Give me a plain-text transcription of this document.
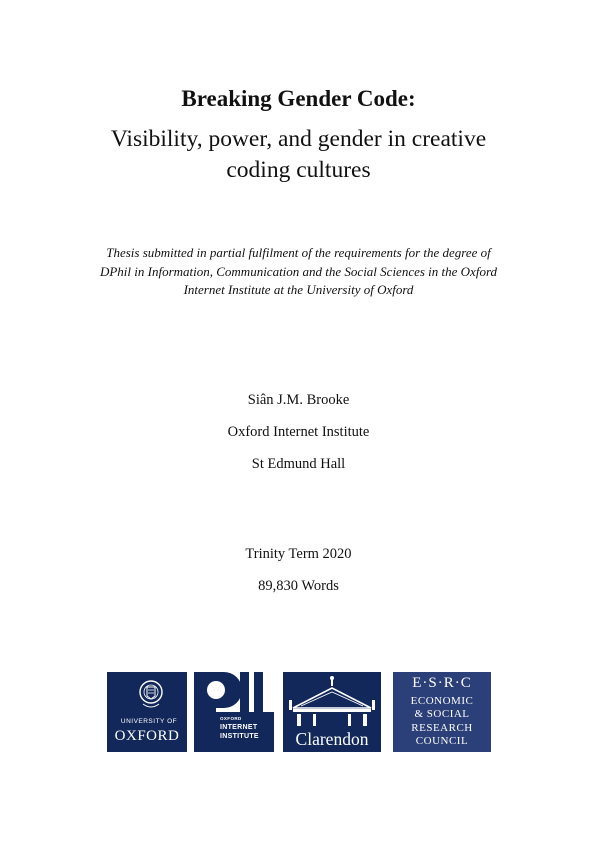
Breaking Gender Code:
Visibility, power, and gender in creative
coding cultures
Thesis submitted in partial fulfilment of the requirements for the degree of
DPhil in Information, Communication and the Social Sciences in the Oxford
Internet Institute at the University of Oxford
Siân J.M. Brooke
Oxford Internet Institute
St Edmund Hall
Trinity Term 2020
89,830 Words
UNIVERSITY OF
OXFORD
OXFORD
INTERNET
INSTITUTE	Clarendon
E·S·R·C
ECONOMIC
& SOCIAL
RESEARCH
COUNCIL
